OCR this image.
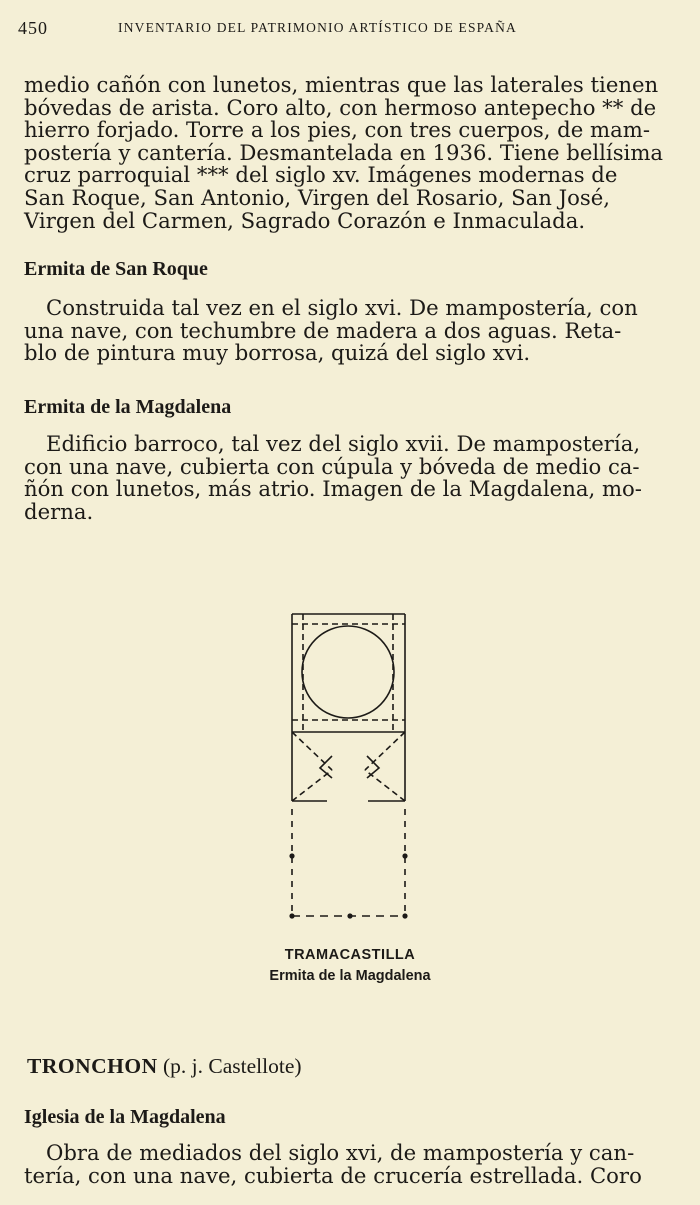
450	INVENTARIO DEL PATRIMONIO ARTÍSTICO DE ESPAÑA

medio cañón con lunetos, mientras que las laterales tienen

bóvedas de arista. Coro alto, con hermoso antepecho ** de

hierro forjado. Torre a los pies, con tres cuerpos, de mam-

postería y cantería. Desmantelada en 1936. Tiene bellísima

cruz parroquial *** del siglo xv. Imágenes modernas de

San Roque, San Antonio, Virgen del Rosario, San José,

Virgen del Carmen, Sagrado Corazón e Inmaculada.

Ermita de San Roque

Construida tal vez en el siglo xvi. De mampostería, con

una nave, con techumbre de madera a dos aguas. Reta-

blo de pintura muy borrosa, quizá del siglo xvi.

Ermita de la Magdalena

Edificio barroco, tal vez del siglo xvii. De mampostería,

con una nave, cubierta con cúpula y bóveda de medio ca-

ñón con lunetos, más atrio. Imagen de la Magdalena, mo-

derna.

TRAMACASTILLA

Ermita de la Magdalena

TRONCHON (p. j. Castellote)

Iglesia de la Magdalena

Obra de mediados del siglo xvi, de mampostería y can-

tería, con una nave, cubierta de crucería estrellada. Coro
